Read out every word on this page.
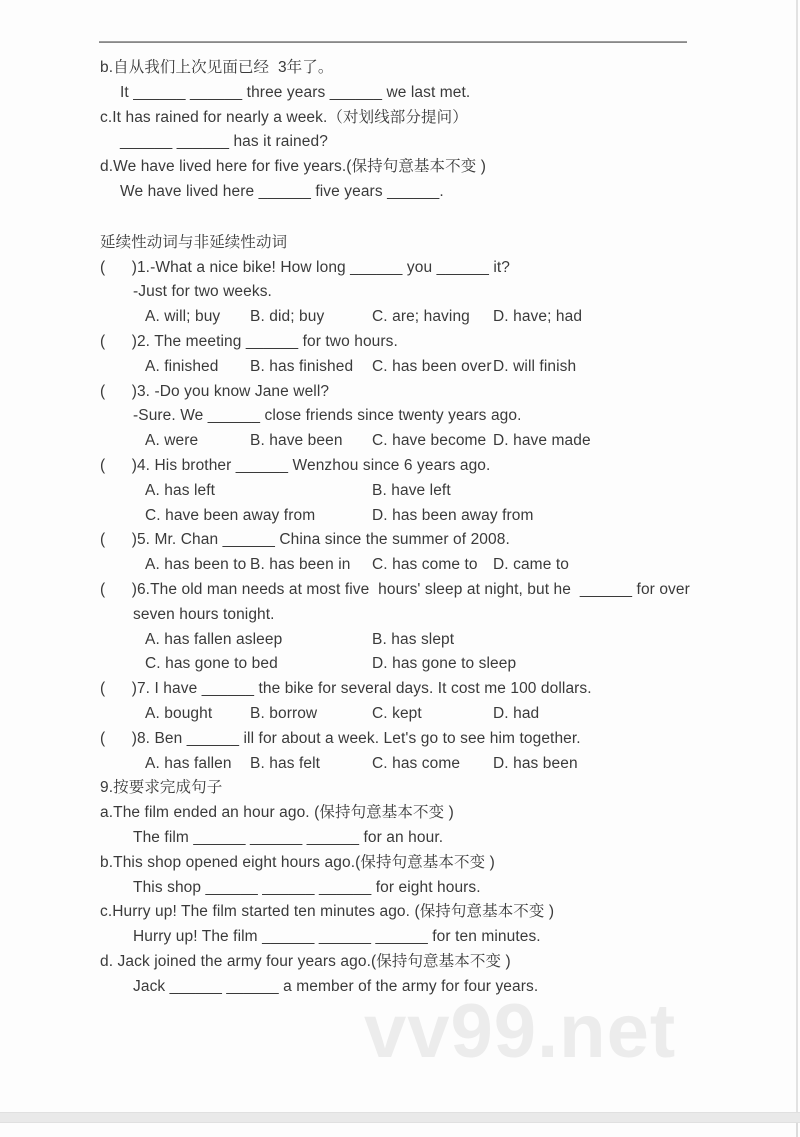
b.自从我们上次见面已经  3年了。
It ______ ______ three years ______ we last met.
c.It has rained for nearly a week.（对划线部分提问）
______ ______ has it rained?
d.We have lived here for five years.(保持句意基本不变 )
We have lived here ______ five years ______.
延续性动词与非延续性动词
(      )1.-What a nice bike! How long ______ you ______ it?
-Just for two weeks.
A. will; buy B. did; buy	C. are; having D. have; had
(      )2. The meeting ______ for two hours.
A. finished B. has finished C. has been over D. will finish
(      )3. -Do you know Jane well?
-Sure. We ______ close friends since twenty years ago.
A. were	B. have been C. have become D. have made
(      )4. His brother ______ Wenzhou since 6 years ago.
A. has left	B. have left
C. have been away from	D. has been away from
(      )5. Mr. Chan ______ China since the summer of 2008.
A. has been to B. has been in C. has come to D. came to
(      )6.The old man needs at most five  hours' sleep at night, but he  ______ for over
seven hours tonight.
A. has fallen asleep	B. has slept
C. has gone to bed	D. has gone to sleep
(      )7. I have ______ the bike for several days. It cost me 100 dollars.
A. bought B. borrow	C. kept	D. had
(      )8. Ben ______ ill for about a week. Let's go to see him together.
A. has fallen B. has felt	C. has come D. has been
9.按要求完成句子
a.The film ended an hour ago. (保持句意基本不变 )
The film ______ ______ ______ for an hour.
b.This shop opened eight hours ago.(保持句意基本不变 )
This shop ______ ______ ______ for eight hours.
c.Hurry up! The film started ten minutes ago. (保持句意基本不变 )
Hurry up! The film ______ ______ ______ for ten minutes.
d. Jack joined the army four years ago.(保持句意基本不变 )
Jack ______ ______ a member of the army for four years.
vv99.net
